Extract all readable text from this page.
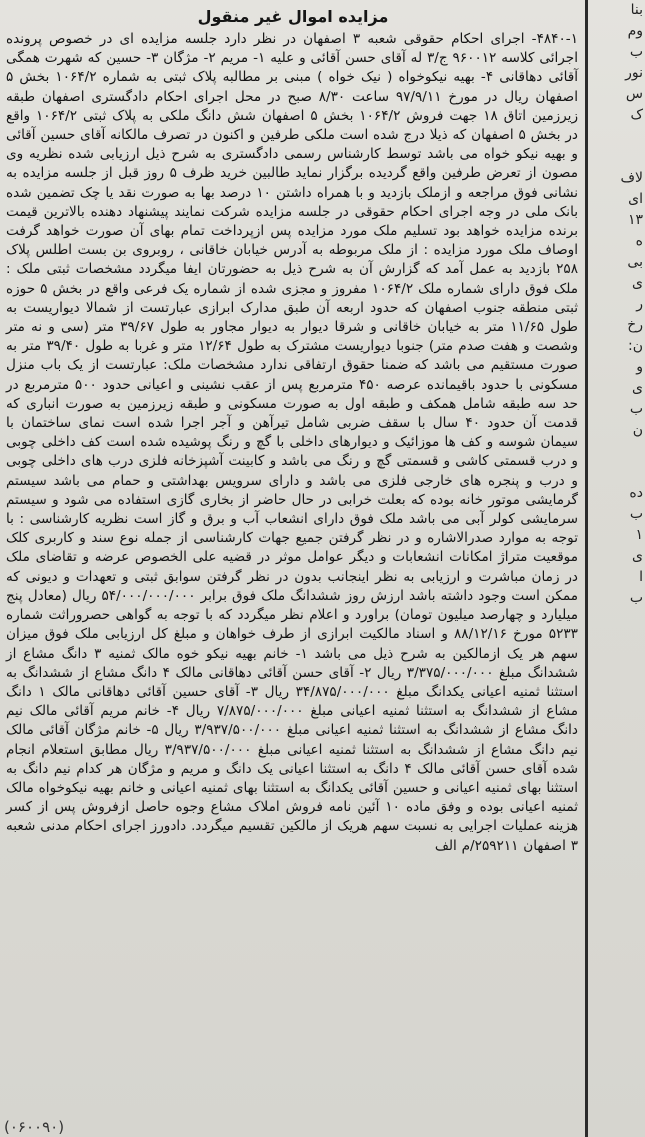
مزایده اموال غیر منقول

۴۸۴۰-۱- اجرای احکام حقوقی شعبه ۳ اصفهان در نظر دارد جلسه مزایده ای در خصوص پرونده اجرائی کلاسه ۹۶۰۰۱۲ ج/۳ له آقای حسن آقائی و علیه ۱- مریم ۲- مژگان ۳- حسین که شهرت همگی آقائی دهاقانی ۴- بهیه نیکوخواه ( نیک خواه ) مبنی بر مطالبه پلاک ثبتی به شماره ۱۰۶۴/۲ بخش ۵ اصفهان ریال در مورخ ۹۷/۹/۱۱ ساعت ۸/۳۰ صبح در محل اجرای احکام دادگستری اصفهان طبقه زیرزمین اتاق ۱۸ جهت فروش ۱۰۶۴/۲ بخش ۵ اصفهان شش دانگ ملکی به پلاک ثبتی ۱۰۶۴/۲ واقع در بخش ۵ اصفهان که ذیلا درج شده است ملکی طرفین و اکنون در تصرف مالکانه آقای حسین آقائی و بهیه نیکو خواه می باشد توسط کارشناس رسمی دادگستری به شرح ذیل ارزیابی شده نظریه وی مصون از تعرض طرفین واقع گردیده برگزار نماید طالبین خرید ظرف ۵ روز قبل از جلسه مزایده به نشانی فوق مراجعه و ازملک بازدید و با همراه داشتن ۱۰ درصد بها به صورت نقد یا چک تضمین شده بانک ملی در وجه اجرای احکام حقوقی در جلسه مزایده شرکت نمایند پیشنهاد دهنده بالاترین قیمت برنده مزایده خواهد بود تسلیم ملک مورد مزایده پس ازپرداخت تمام بهای آن صورت خواهد گرفت اوصاف ملک مورد مزایده : از ملک مربوطه به آدرس خیابان خاقانی ، روبروی بن بست اطلس پلاک ۲۵۸ بازدید به عمل آمد که گزارش آن به شرح ذیل به حضورتان ایفا میگردد مشخصات ثبتی ملک : ملک فوق دارای شماره ملک ۱۰۶۴/۲ مفروز و مجزی شده از شماره یک فرعی واقع در بخش ۵ حوزه ثبتی منطقه جنوب اصفهان که حدود اربعه آن طبق مدارک ابرازی عبارتست از شمالا دیواریست به طول ۱۱/۶۵ متر به خیابان خاقانی و شرقا دیوار به دیوار مجاور به طول ۳۹/۶۷ متر (سی و نه متر وشصت و هفت صدم متر) جنوبا دیواریست مشترک به طول ۱۲/۶۴ متر و غربا به طول ۳۹/۴۰ متر به صورت مستقیم می باشد که ضمنا حقوق ارتفاقی ندارد مشخصات ملک: عبارتست از یک باب منزل مسکونی با حدود باقیمانده عرصه ۴۵۰ مترمربع پس از عقب نشینی و اعیانی حدود ۵۰۰ مترمربع در حد سه طبقه شامل همکف و طبقه اول به صورت مسکونی و طبقه زیرزمین به صورت انباری که قدمت آن حدود ۴۰ سال با سقف ضربی شامل تیرآهن و آجر اجرا شده است نمای ساختمان با سیمان شوسه و کف ها موزائیک و دیوارهای داخلی با گچ و رنگ پوشیده شده است کف داخلی چوبی و درب قسمتی کاشی و قسمتی گچ و رنگ می باشد و کابینت آشپزخانه فلزی درب های داخلی چوبی و درب و پنجره های خارجی فلزی می باشد و دارای سرویس بهداشتی و حمام می باشد سیستم گرمایشی موتور خانه بوده که بعلت خرابی در حال حاضر از بخاری گازی استفاده می شود و سیستم سرمایشی کولر آبی می باشد ملک فوق دارای انشعاب آب و برق و گاز است نظریه کارشناسی : با توجه به موارد صدرالاشاره و در نظر گرفتن جمیع جهات کارشناسی از جمله نوع سند و کاربری کلک موقعیت متراژ امکانات انشعابات و دیگر عوامل موثر در قضیه علی الخصوص عرضه و تقاضای ملک در زمان مباشرت و ارزیابی به نظر اینجانب بدون در نظر گرفتن سوابق ثبتی و تعهدات و دیونی که ممکن است وجود داشته باشد ارزش روز ششدانگ ملک فوق برابر ۵۴/۰۰۰/۰۰۰/۰۰۰ ریال (معادل پنج میلیارد و چهارصد میلیون تومان) براورد و اعلام نظر میگردد که با توجه به گواهی حصروراثت شماره ۵۲۳۳ مورخ ۸۸/۱۲/۱۶ و اسناد مالکیت ابرازی از طرف خواهان و مبلغ کل ارزیابی ملک فوق میزان سهم هر یک ازمالکین به شرح ذیل می باشد ۱- خانم بهیه نیکو خوه مالک ثمنیه ۳ دانگ مشاع از ششدانگ مبلغ ۳/۳۷۵/۰۰۰/۰۰۰ ریال ۲- آقای حسن آقائی دهاقانی مالک ۴ دانگ مشاع از ششدانگ به استثنا ثمنیه اعیانی یکدانگ مبلغ ۳۴/۸۷۵/۰۰۰/۰۰۰ ریال ۳- آقای حسین آقائی دهاقانی مالک ۱ دانگ مشاع از ششدانگ به استثنا ثمنیه اعیانی مبلغ ۷/۸۷۵/۰۰۰/۰۰۰ ریال ۴- خانم مریم آقائی مالک نیم دانگ مشاع از ششدانگ به استثنا ثمنیه اعیانی مبلغ ۳/۹۳۷/۵۰۰/۰۰۰ ریال ۵- خانم مژگان آقائی مالک نیم دانگ مشاع از ششدانگ به استثنا ثمنیه اعیانی مبلغ ۳/۹۳۷/۵۰۰/۰۰۰ ریال مطابق استعلام انجام شده آقای حسن آقائی مالک ۴ دانگ به استثنا اعیانی یک دانگ و مریم و مژگان هر کدام نیم دانگ به استثنا بهای ثمنیه اعیانی و حسین آقائی یکدانگ به استثنا بهای ثمنیه اعیانی و خانم بهیه نیکوخواه مالک ثمنیه اعیانی بوده و وفق ماده ۱۰ آئین نامه فروش املاک مشاع وجوه حاصل ازفروش پس از کسر هزینه عملیات اجرایی به نسبت سهم هریک از مالکین تقسیم میگردد. دادورز اجرای احکام مدنی شعبه ۳ اصفهان ۲۵۹۲۱۱/م الف

بنا
وم
ب
نور
س
ک
لاف
ای
۱۳
ه
بی
ی
ر
رخ
ن:
و
ی
ب
ن
ده
ب
۱
ی
ا
ب
(۰۶۰۰۹۰)
